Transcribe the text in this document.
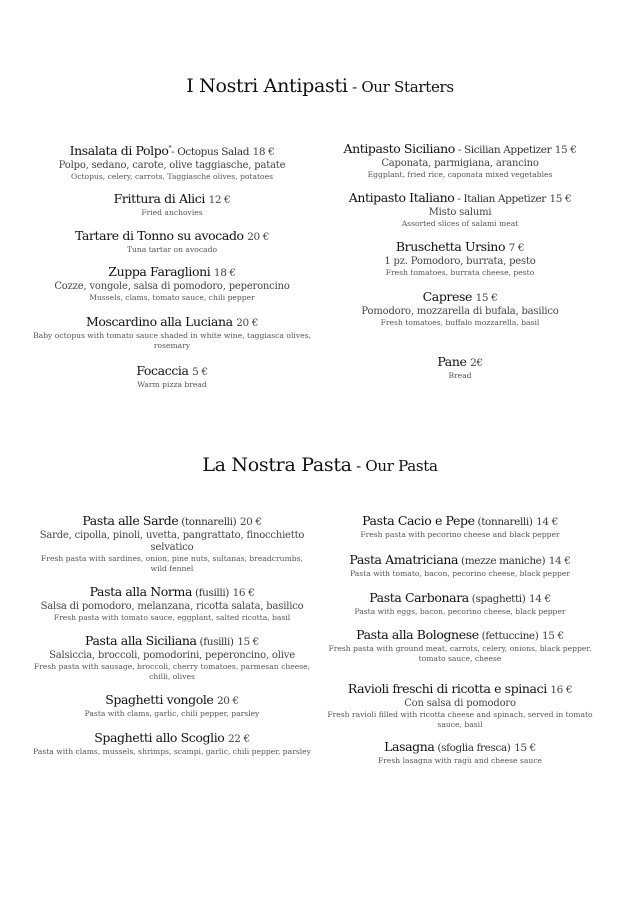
I Nostri Antipasti - Our Starters
La Nostra Pasta - Our Pasta
Insalata di Polpo*- Octopus Salad 18 €
Polpo, sedano, carote, olive taggiasche, patate
Octopus, celery, carrots, Taggiasche olives, potatoes
Frittura di Alici 12 €
Fried anchovies
Tartare di Tonno su avocado 20 €
Tuna tartar on avocado
Zuppa Faraglioni 18 €
Cozze, vongole, salsa di pomodoro, peperoncino
Mussels, clams, tomato sauce, chili pepper
Moscardino alla Luciana 20 €
Baby octopus with tomato sauce shaded in white wine, taggiasca olives, rosemary
Focaccia 5 €
Warm pizza bread
Antipasto Siciliano - Sicilian Appetizer 15 €
Caponata, parmigiana, arancino
Eggplant, fried rice, caponata mixed vegetables
Antipasto Italiano - Italian Appetizer 15 €
Misto salumi
Assorted slices of salami meat
Bruschetta Ursino 7 €
1 pz. Pomodoro, burrata, pesto
Fresh tomatoes, burrata cheese, pesto
Caprese 15 €
Pomodoro, mozzarella di bufala, basilico
Fresh tomatoes, buffalo mozzarella, basil
Pane 2€
Bread
Pasta alle Sarde (tonnarelli) 20 €
Sarde, cipolla, pinoli, uvetta, pangrattato, finocchietto selvatico
Fresh pasta with sardines, onion, pine nuts, sultanas, breadcrumbs, wild fennel
Pasta alla Norma (fusilli) 16 €
Salsa di pomodoro, melanzana, ricotta salata, basilico
Fresh pasta with tomato sauce, eggplant, salted ricotta, basil
Pasta alla Siciliana (fusilli) 15 €
Salsiccia, broccoli, pomodorini, peperoncino, olive
Fresh pasta with sausage, broccoli, cherry tomatoes, parmesan cheese, chilli, olives
Spaghetti vongole 20 €
Pasta with clams, garlic, chili pepper, parsley
Spaghetti allo Scoglio 22 €
Pasta with clams, mussels, shrimps, scampi, garlic, chili pepper, parsley
Pasta Cacio e Pepe (tonnarelli) 14 €
Fresh pasta with pecorino cheese and black pepper
Pasta Amatriciana (mezze maniche) 14 €
Pasta with tomato, bacon, pecorino cheese, black pepper
Pasta Carbonara (spaghetti) 14 €
Pasta with eggs, bacon, pecorino cheese, black pepper
Pasta alla Bolognese (fettuccine) 15 €
Fresh pasta with ground meat, carrots, celery, onions, black pepper, tomato sauce, cheese
Ravioli freschi di ricotta e spinaci 16 €
Con salsa di pomodoro
Fresh ravioli filled with ricotta cheese and spinach, served in tomato sauce, basil
Lasagna (sfoglia fresca) 15 €
Fresh lasagna with ragù and cheese sauce
